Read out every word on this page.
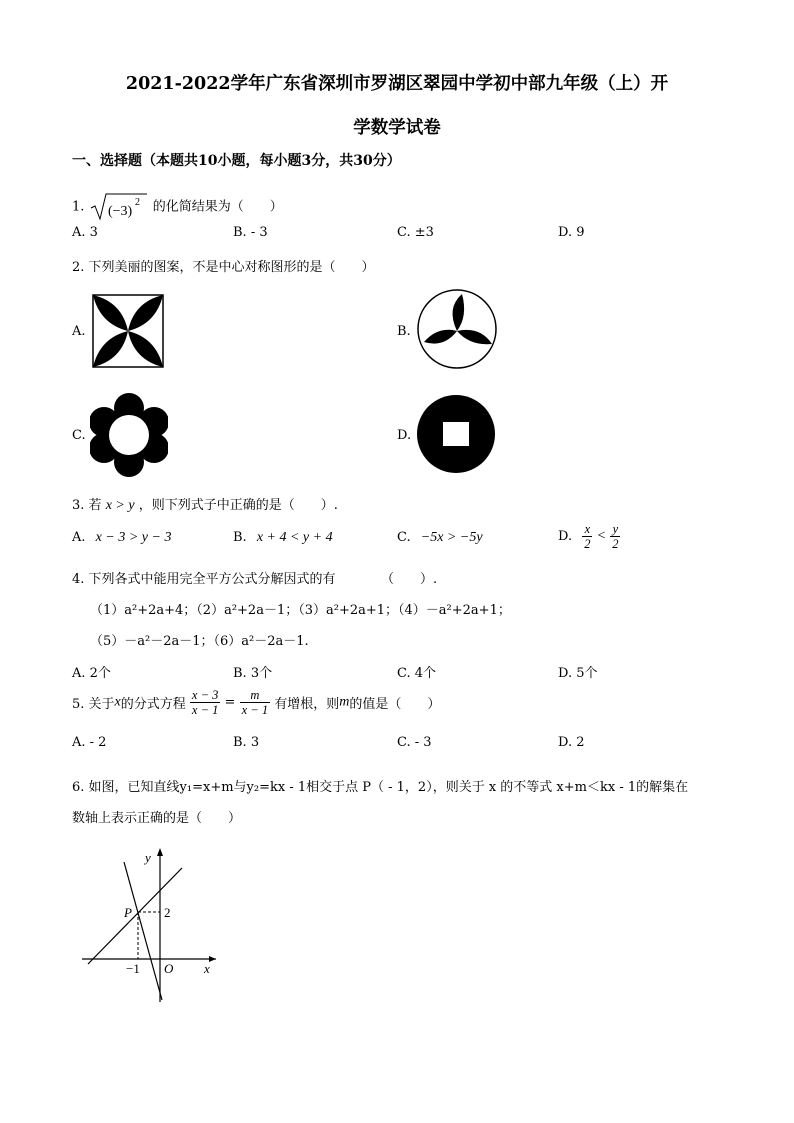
2021-2022学年广东省深圳市罗湖区翠园中学初中部九年级（上）开
学数学试卷
一、选择题（本题共10小题，每小题3分，共30分）
1. (−3)
2 的化简结果为（　　）
A. 3	B. - 3	C. ±3	D. 9
2. 下列美丽的图案，不是中心对称图形的是（　　）
A.	B.
C.	D.
3. 若 x > y ，则下列式子中正确的是（　　）.
A. x − 3 > y − 3	B. x + 4 < y + 4	C. −5x > −5y	D. $\frac{x}{2} < \frac{y}{2}$
4. 下列各式中能用完全平方公式分解因式的有　　　　（　　）.
（1）a²+2a+4；（2）a²+2a－1；（3）a²+2a+1；（4）－a²+2a+1；
（5）－a²－2a－1；（6）a²－2a－1.
A. 2个	B. 3个	C. 4个	D. 5个
5. 关于x的分式方程 $\frac{x - 3}{x - 1} = \frac{m}{x - 1}$ 有增根，则m的值是（　　）
A. - 2	B. 3	C. - 3	D. 2
6. 如图，已知直线y₁=x+m与y₂=kx - 1相交于点 P（ - 1，2），则关于 x 的不等式 x+m＜kx - 1的解集在
数轴上表示正确的是（　　）
y
x
P 2
−1 O
